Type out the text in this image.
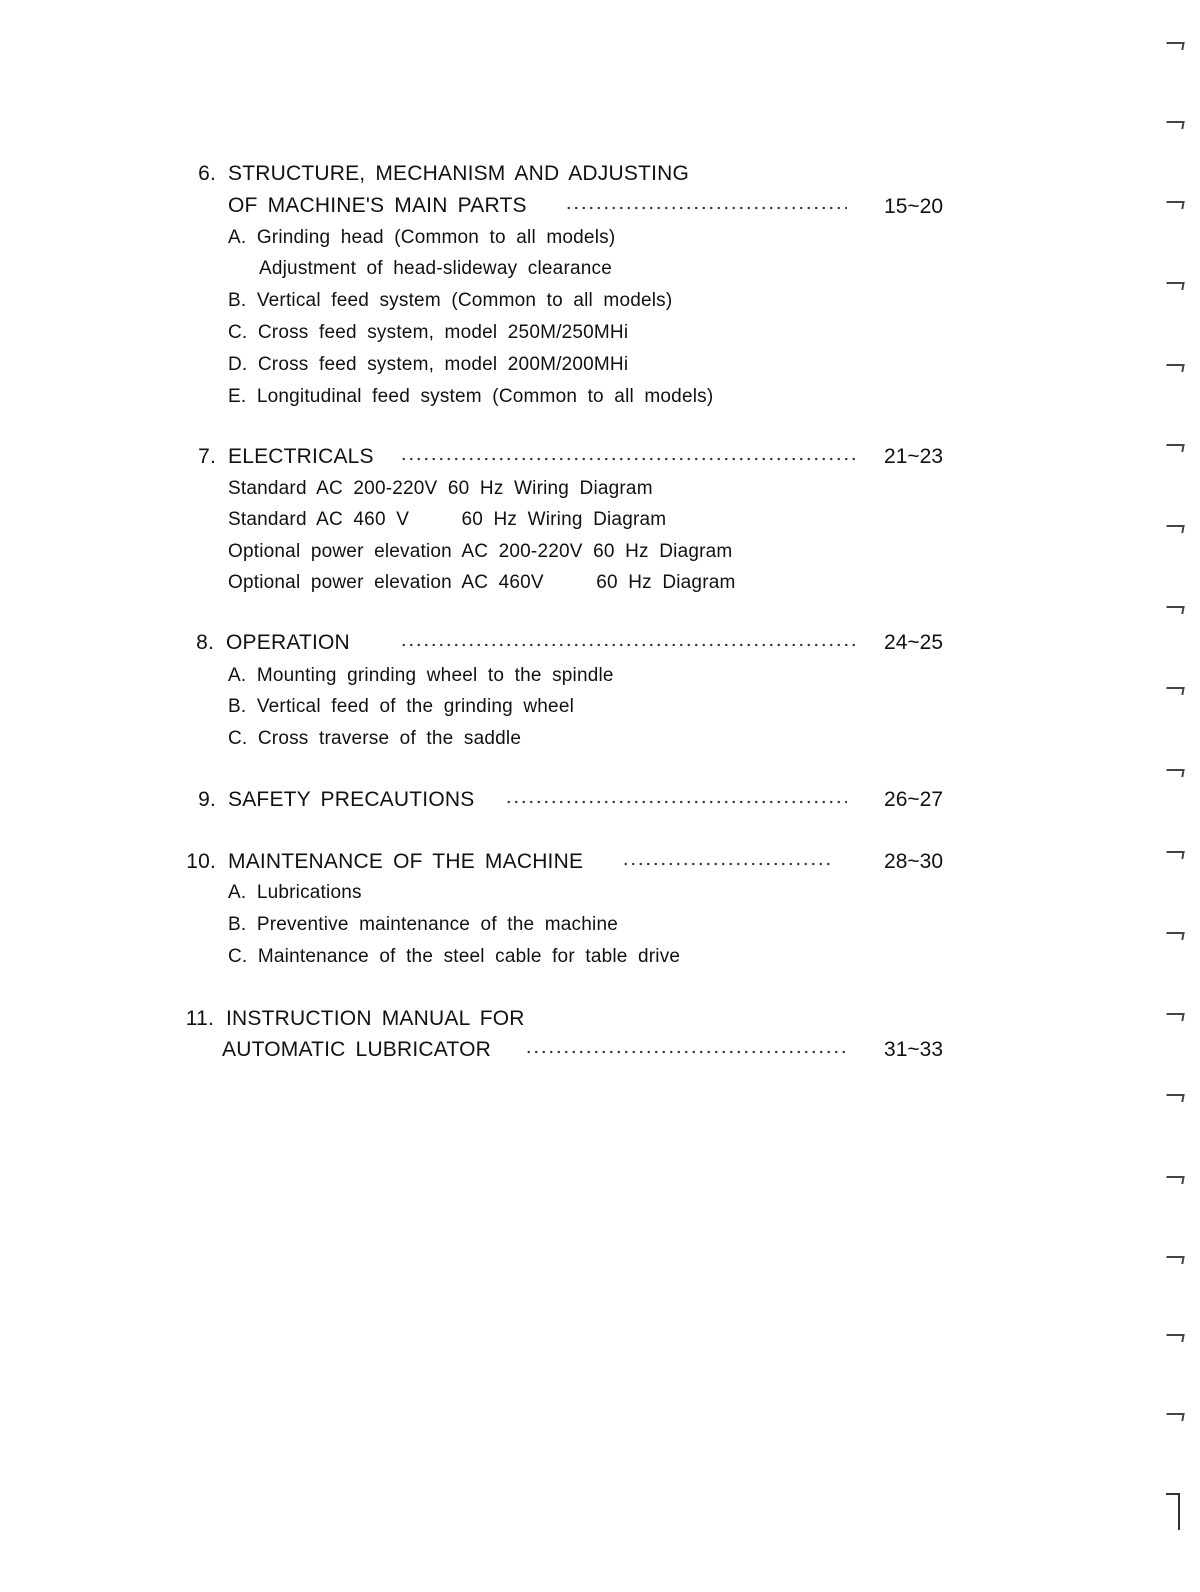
6. STRUCTURE, MECHANISM AND ADJUSTING
OF MACHINE'S MAIN PARTS	15~20
A. Grinding head (Common to all models)
Adjustment of head-slideway clearance
B. Vertical feed system (Common to all models)
C. Cross feed system, model 250M/250MHi
D. Cross feed system, model 200M/200MHi
E. Longitudinal feed system (Common to all models)
7. ELECTRICALS	21~23
Standard AC 200-220V 60 Hz Wiring Diagram
Standard AC 460 V     60 Hz Wiring Diagram
Optional power elevation AC 200-220V 60 Hz Diagram
Optional power elevation AC 460V     60 Hz Diagram
8. OPERATION	24~25
A. Mounting grinding wheel to the spindle
B. Vertical feed of the grinding wheel
C. Cross traverse of the saddle
9. SAFETY PRECAUTIONS	26~27
10. MAINTENANCE OF THE MACHINE	28~30
A. Lubrications
B. Preventive maintenance of the machine
C. Maintenance of the steel cable for table drive
11. INSTRUCTION MANUAL FOR
AUTOMATIC LUBRICATOR	31~33
